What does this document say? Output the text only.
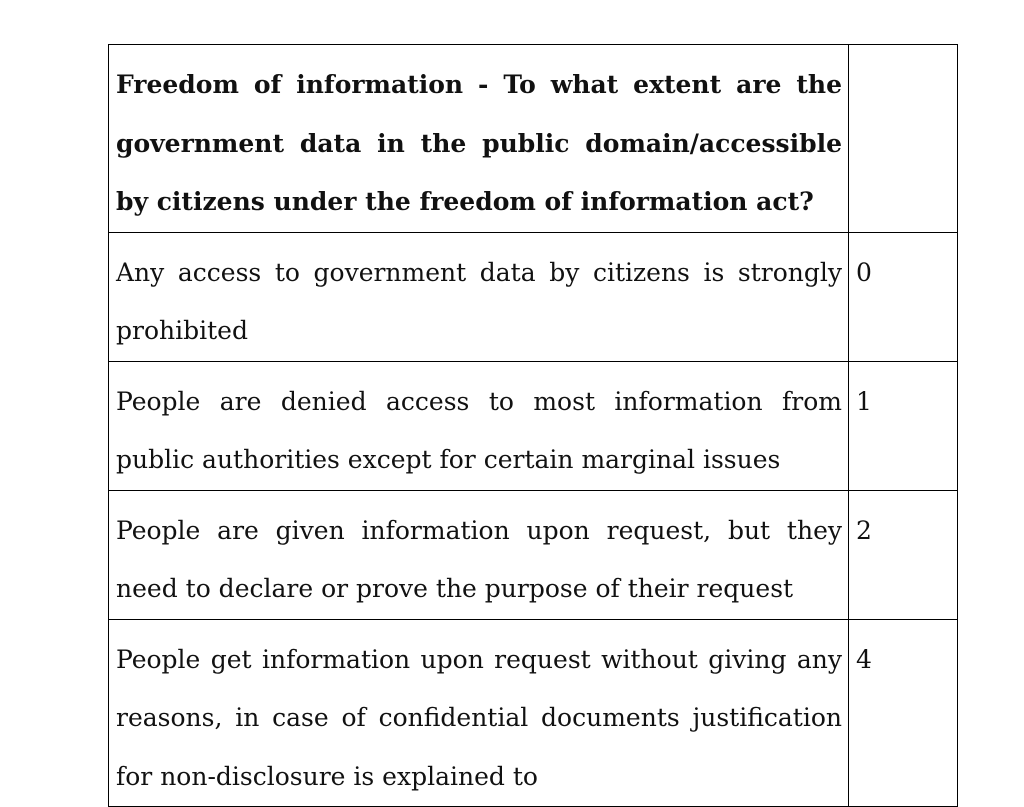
Freedom of information - To what extent are the government data in the public domain/accessible by citizens under the freedom of information act?	

Any access to government data by citizens is strongly prohibited	0

People are denied access to most information from public authorities except for certain marginal issues	1

People are given information upon request, but they need to declare or prove the purpose of their request	2

People get information upon request without giving any reasons, in case of confidential documents justification for non-disclosure is explained to	4
